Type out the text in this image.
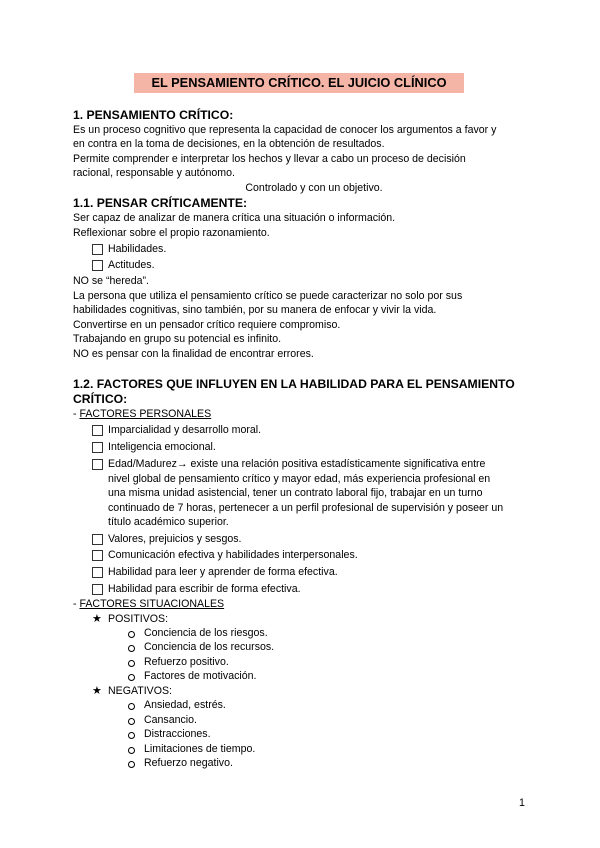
EL PENSAMIENTO CRÍTICO. EL JUICIO CLÍNICO
1. PENSAMIENTO CRÍTICO:
Es un proceso cognitivo que representa la capacidad de conocer los argumentos a favor y
en contra en la toma de decisiones, en la obtención de resultados.
Permite comprender e interpretar los hechos y llevar a cabo un proceso de decisión
racional, responsable y autónomo.
Controlado y con un objetivo.
1.1. PENSAR CRÍTICAMENTE:
Ser capaz de analizar de manera crítica una situación o información.
Reflexionar sobre el propio razonamiento.
Habilidades.
Actitudes.
NO se “hereda”.
La persona que utiliza el pensamiento crítico se puede caracterizar no solo por sus
habilidades cognitivas, sino también, por su manera de enfocar y vivir la vida.
Convertirse en un pensador crítico requiere compromiso.
Trabajando en grupo su potencial es infinito.
NO es pensar con la finalidad de encontrar errores.
1.2. FACTORES QUE INFLUYEN EN LA HABILIDAD PARA EL PENSAMIENTO
CRÍTICO:
- FACTORES PERSONALES
Imparcialidad y desarrollo moral.
Inteligencia emocional.
Edad/Madurez→ existe una relación positiva estadísticamente significativa entre
nivel global de pensamiento crítico y mayor edad, más experiencia profesional en
una misma unidad asistencial, tener un contrato laboral fijo, trabajar en un turno
continuado de 7 horas, pertenecer a un perfil profesional de supervisión y poseer un
título académico superior.
Valores, prejuicios y sesgos.
Comunicación efectiva y habilidades interpersonales.
Habilidad para leer y aprender de forma efectiva.
Habilidad para escribir de forma efectiva.
- FACTORES SITUACIONALES
★ POSITIVOS:
Conciencia de los riesgos.
Conciencia de los recursos.
Refuerzo positivo.
Factores de motivación.
★ NEGATIVOS:
Ansiedad, estrés.
Cansancio.
Distracciones.
Limitaciones de tiempo.
Refuerzo negativo.
1
